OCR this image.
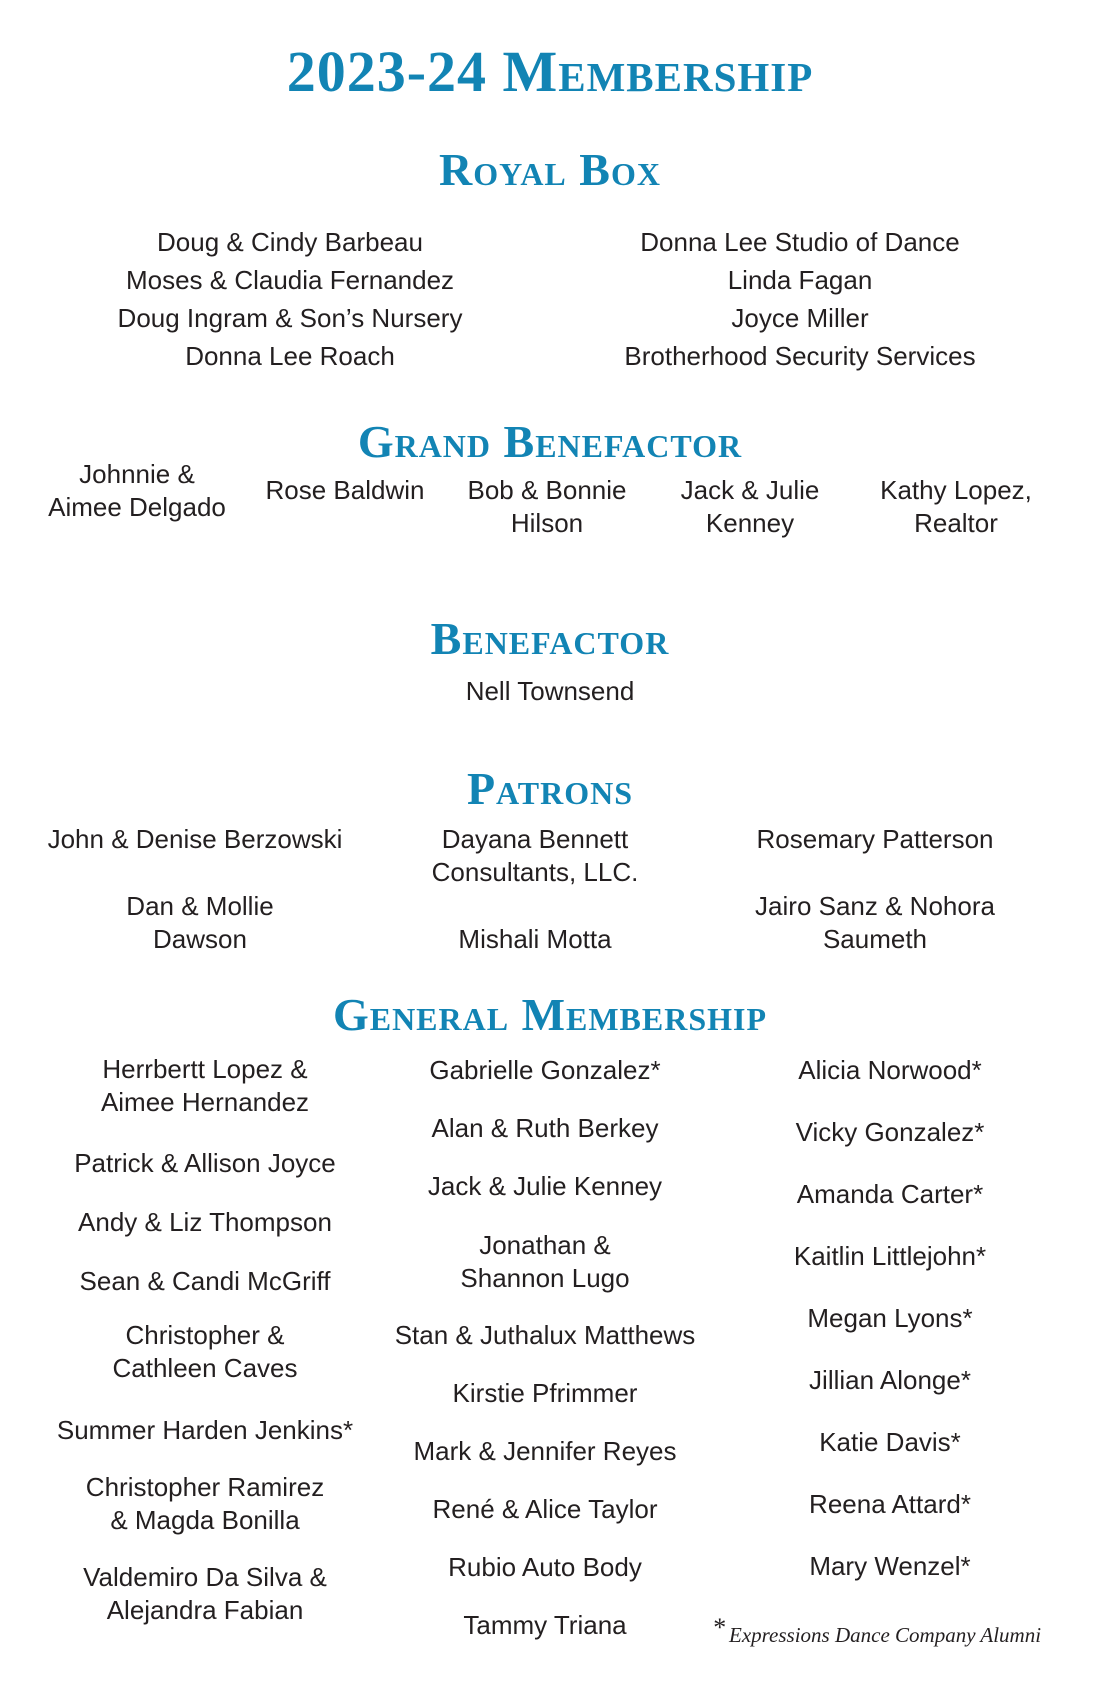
2023-24 Membership
Royal Box
Doug & Cindy Barbeau
Moses & Claudia Fernandez
Doug Ingram & Son’s Nursery
Donna Lee Roach
Donna Lee Studio of Dance
Linda Fagan
Joyce Miller
Brotherhood Security Services
Grand Benefactor
Johnnie & Aimee Delgado
Rose Baldwin	Bob & Bonnie Hilson
Jack & Julie Kenney
Kathy Lopez, Realtor
Benefactor
Nell Townsend
Patrons
John & Denise Berzowski	Dayana Bennett Consultants, LLC.
Rosemary Patterson
Dan & Mollie Dawson	Mishali Motta
Jairo Sanz & Nohora Saumeth
General Membership
Herrbertt Lopez & Aimee Hernandez
Patrick & Allison Joyce
Andy & Liz Thompson
Sean & Candi McGriff
Christopher & Cathleen Caves
Summer Harden Jenkins*
Christopher Ramirez & Magda Bonilla
Valdemiro Da Silva & Alejandra Fabian
Gabrielle Gonzalez*
Alan & Ruth Berkey
Jack & Julie Kenney
Jonathan & Shannon Lugo
Stan & Juthalux Matthews
Kirstie Pfrimmer
Mark & Jennifer Reyes
René & Alice Taylor
Rubio Auto Body
Tammy Triana
Alicia Norwood*
Vicky Gonzalez*
Amanda Carter*
Kaitlin Littlejohn*
Megan Lyons*
Jillian Alonge*
Katie Davis*
Reena Attard*
Mary Wenzel*
* Expressions Dance Company Alumni
